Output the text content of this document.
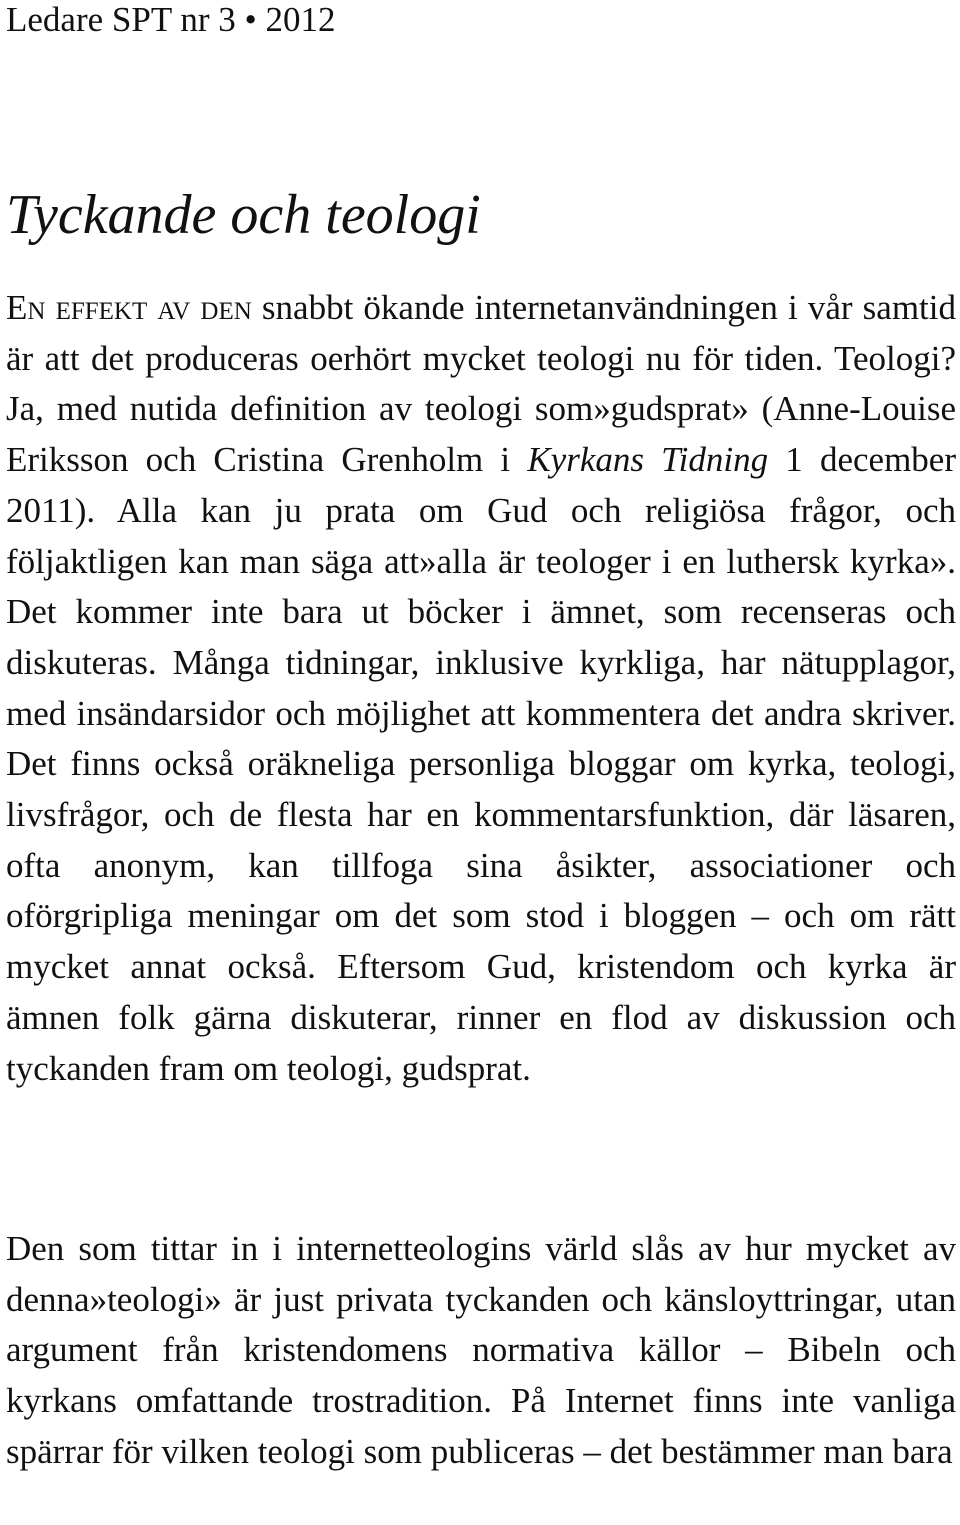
Ledare SPT nr 3 • 2012
Tyckande och teologi

En effekt av den snabbt ökande internetanvändningen i vår samtid är att det produceras oerhört mycket teologi nu för tiden. Teologi? Ja, med nutida definition av teologi som»gudsprat» (Anne-Louise Eriksson och Cristina Grenholm i Kyrkans Tidning 1 december 2011). Alla kan ju prata om Gud och religiösa frågor, och följaktligen kan man säga att»alla är teologer i en luthersk kyrka». Det kommer inte bara ut böcker i ämnet, som recenseras och diskuteras. Många tidningar, inklusive kyrkliga, har nätupplagor, med insändarsidor och möjlighet att kommentera det andra skriver. Det finns också oräkneliga personliga bloggar om kyrka, teologi, livsfrågor, och de flesta har en kommentarsfunktion, där läsaren, ofta anonym, kan tillfoga sina åsikter, associationer och oförgripliga meningar om det som stod i bloggen – och om rätt mycket annat också. Eftersom Gud, kristendom och kyrka är ämnen folk gärna diskuterar, rinner en flod av diskussion och tyckanden fram om teologi, gudsprat.

Den som tittar in i internetteologins värld slås av hur mycket av denna»teologi» är just privata tyckanden och känsloyttringar, utan argument från kristendomens normativa källor – Bibeln och kyrkans omfattande trostradition. På Internet finns inte vanliga spärrar för vilken teologi som publiceras – det bestämmer man bara
